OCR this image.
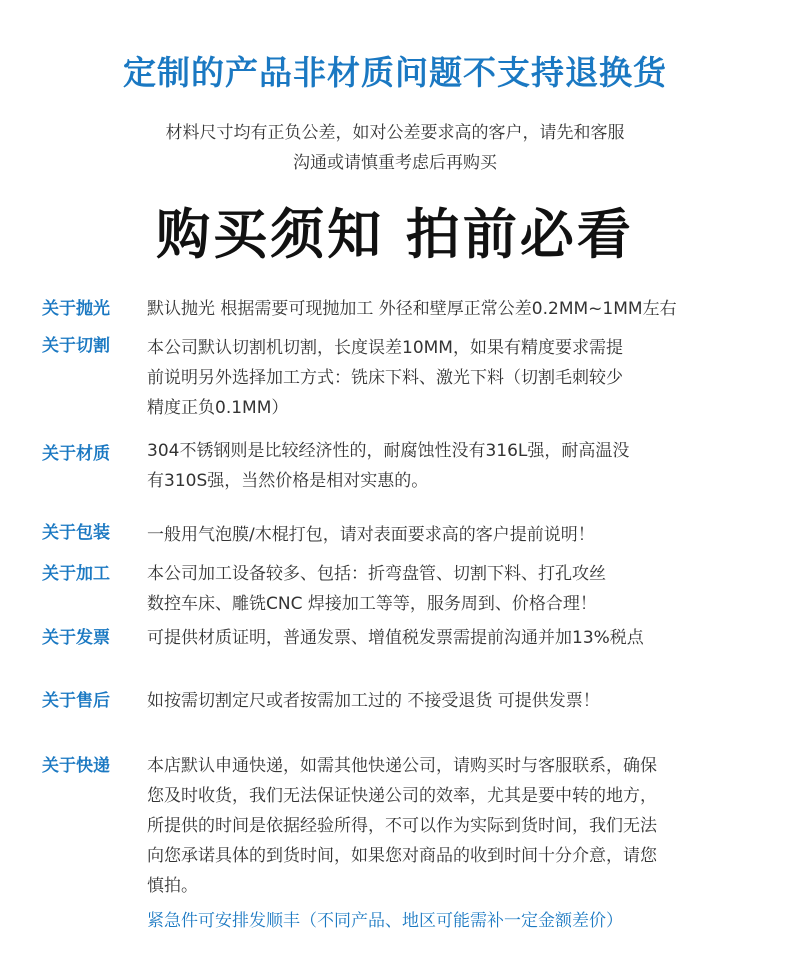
定制的产品非材质问题不支持退换货
材料尺寸均有正负公差，如对公差要求高的客户，请先和客服
沟通或请慎重考虑后再购买
购买须知 拍前必看
关于抛光 默认抛光 根据需要可现抛加工 外径和壁厚正常公差0.2MM~1MM左右
关于切割 本公司默认切割机切割，长度误差10MM，如果有精度要求需提
前说明另外选择加工方式：铣床下料、激光下料（切割毛刺较少
精度正负0.1MM）
关于材质 304不锈钢则是比较经济性的，耐腐蚀性没有316L强，耐高温没
有310S强，当然价格是相对实惠的。
关于包装 一般用气泡膜/木棍打包，请对表面要求高的客户提前说明！
关于加工 本公司加工设备较多、包括：折弯盘管、切割下料、打孔攻丝
数控车床、雕铣CNC 焊接加工等等，服务周到、价格合理！
关于发票 可提供材质证明，普通发票、增值税发票需提前沟通并加13%税点
关于售后 如按需切割定尺或者按需加工过的 不接受退货 可提供发票！
关于快递 本店默认申通快递，如需其他快递公司，请购买时与客服联系，确保
您及时收货，我们无法保证快递公司的效率，尤其是要中转的地方，
所提供的时间是依据经验所得，不可以作为实际到货时间，我们无法
向您承诺具体的到货时间，如果您对商品的收到时间十分介意，请您
慎拍。
紧急件可安排发顺丰（不同产品、地区可能需补一定金额差价）
